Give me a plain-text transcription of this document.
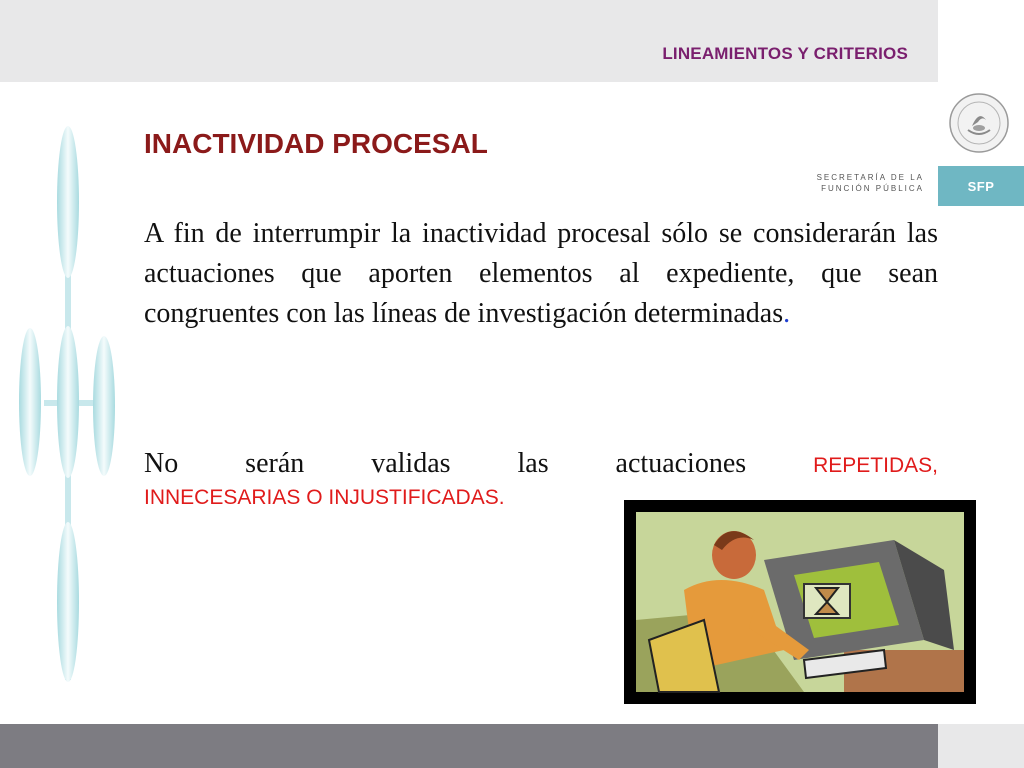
LINEAMIENTOS Y CRITERIOS
SECRETARÍA DE LA
FUNCIÓN PÚBLICA	SFP
INACTIVIDAD PROCESAL
A fin de interrumpir la inactividad procesal sólo se considerarán las actuaciones que aporten elementos al expediente, que sean congruentes con las líneas de investigación determinadas.
No serán validas las actuaciones	REPETIDAS,
INNECESARIAS O INJUSTIFICADAS.
